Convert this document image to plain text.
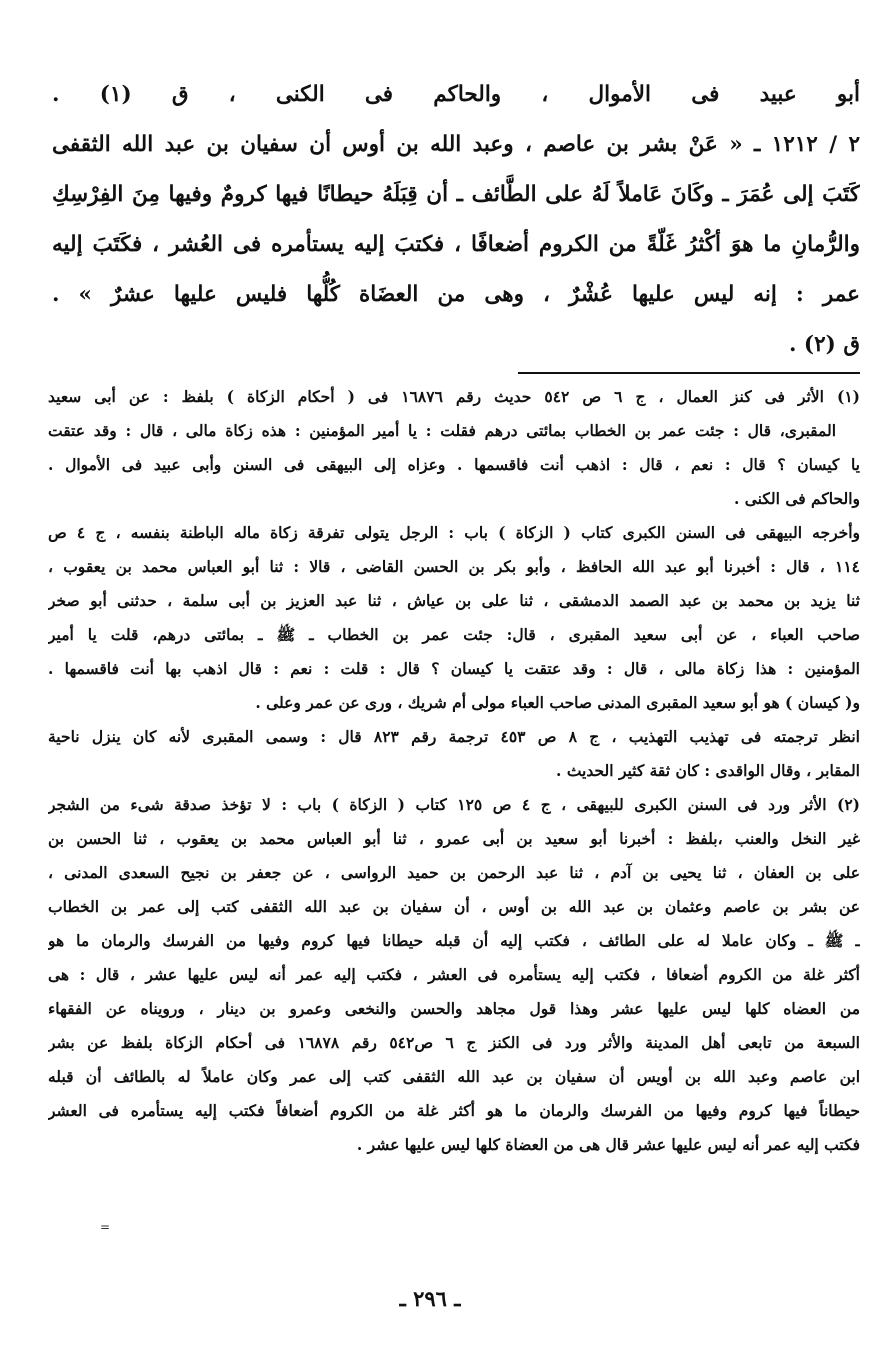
أبو عبيد فى الأموال ، والحاكم فى الكنى ، ق (١) .
٢ / ١٢١٢ ـ « عَنْ بشر بن عاصم ، وعبد الله بن أوس أن سفيان بن عبد الله الثقفى
كَتَبَ إلى عُمَرَ ـ وكَانَ عَاملاً لَهُ على الطَّائف ـ أن قِبَلَهُ حيطانًا فيها كرومٌ وفيها مِنَ الفِرْسِكِ
والرُّمانِ ما هوَ أكْثرُ غَلّةً من الكروم أضعافًا ، فكتبَ إليه يستأمره فى العُشر ، فكَتَبَ إليه
عمر : إنه ليس عليها عُشْرٌ ، وهى من العضَاة كُلُّها فليس عليها عشرٌ » .
ق (٢) .
(١) الأثر فى كنز العمال ، ج ٦ ص ٥٤٢ حديث رقم ١٦٨٧٦ فى ( أحكام الزكاة ) بلفظ : عن أبى سعيد
المقبرى، قال : جئت عمر بن الخطاب بمائتى درهم فقلت : يا أمير المؤمنين : هذه زكاة مالى ، قال : وقد عتقت
يا كيسان ؟ قال : نعم ، قال : اذهب أنت فاقسمها . وعزاه إلى البيهقى فى السنن وأبى عبيد فى الأموال .
والحاكم فى الكنى .
وأخرجه البيهقى فى السنن الكبرى كتاب ( الزكاة ) باب : الرجل يتولى تفرقة زكاة ماله الباطنة بنفسه ، ج ٤ ص
١١٤ ، قال : أخبرنا أبو عبد الله الحافظ ، وأبو بكر بن الحسن القاضى ، قالا : ثنا أبو العباس محمد بن يعقوب ،
ثنا يزيد بن محمد بن عبد الصمد الدمشقى ، ثنا على بن عياش ، ثنا عبد العزيز بن أبى سلمة ، حدثنى أبو صخر
صاحب العباء ، عن أبى سعيد المقبرى ، قال: جئت عمر بن الخطاب ـ ﷺ ـ بمائتى درهم، قلت يا أمير
المؤمنين : هذا زكاة مالى ، قال : وقد عتقت يا كيسان ؟ قال : قلت : نعم : قال اذهب بها أنت فاقسمها .
و( كيسان ) هو أبو سعيد المقبرى المدنى صاحب العباء مولى أم شريك ، ورى عن عمر وعلى .
انظر ترجمته فى تهذيب التهذيب ، ج ٨ ص ٤٥٣ ترجمة رقم ٨٢٣ قال : وسمى المقبرى لأنه كان ينزل ناحية
المقابر ، وقال الواقدى : كان ثقة كثير الحديث .
(٢) الأثر ورد فى السنن الكبرى للبيهقى ، ج ٤ ص ١٢٥ كتاب ( الزكاة ) باب : لا تؤخذ صدقة شىء من الشجر
غير النخل والعنب ،بلفظ : أخبرنا أبو سعيد بن أبى عمرو ، ثنا أبو العباس محمد بن يعقوب ، ثنا الحسن بن
على بن العفان ، ثنا يحيى بن آدم ، ثنا عبد الرحمن بن حميد الرواسى ، عن جعفر بن نجيح السعدى المدنى ،
عن بشر بن عاصم وعثمان بن عبد الله بن أوس ، أن سفيان بن عبد الله الثقفى كتب إلى عمر بن الخطاب
ـ ﷺ ـ وكان عاملا له على الطائف ، فكتب إليه أن قبله حيطانا فيها كروم وفيها من الفرسك والرمان ما هو
أكثر غلة من الكروم أضعافا ، فكتب إليه يستأمره فى العشر ، فكتب إليه عمر أنه ليس عليها عشر ، قال : هى
من العضاه كلها ليس عليها عشر وهذا قول مجاهد والحسن والنخعى وعمرو بن دينار ، ورويناه عن الفقهاء
السبعة من تابعى أهل المدينة والأثر ورد فى الكنز ج ٦ ص٥٤٢ رقم ١٦٨٧٨ فى أحكام الزكاة بلفظ عن بشر
ابن عاصم وعبد الله بن أويس أن سفيان بن عبد الله الثقفى كتب إلى عمر وكان عاملاً له بالطائف أن قبله
حيطاناً فيها كروم وفيها من الفرسك والرمان ما هو أكثر غلة من الكروم أضعافاً فكتب إليه يستأمره فى العشر
فكتب إليه عمر أنه ليس عليها عشر قال هى من العضاة كلها ليس عليها عشر .
=
ـ ٢٩٦ ـ
